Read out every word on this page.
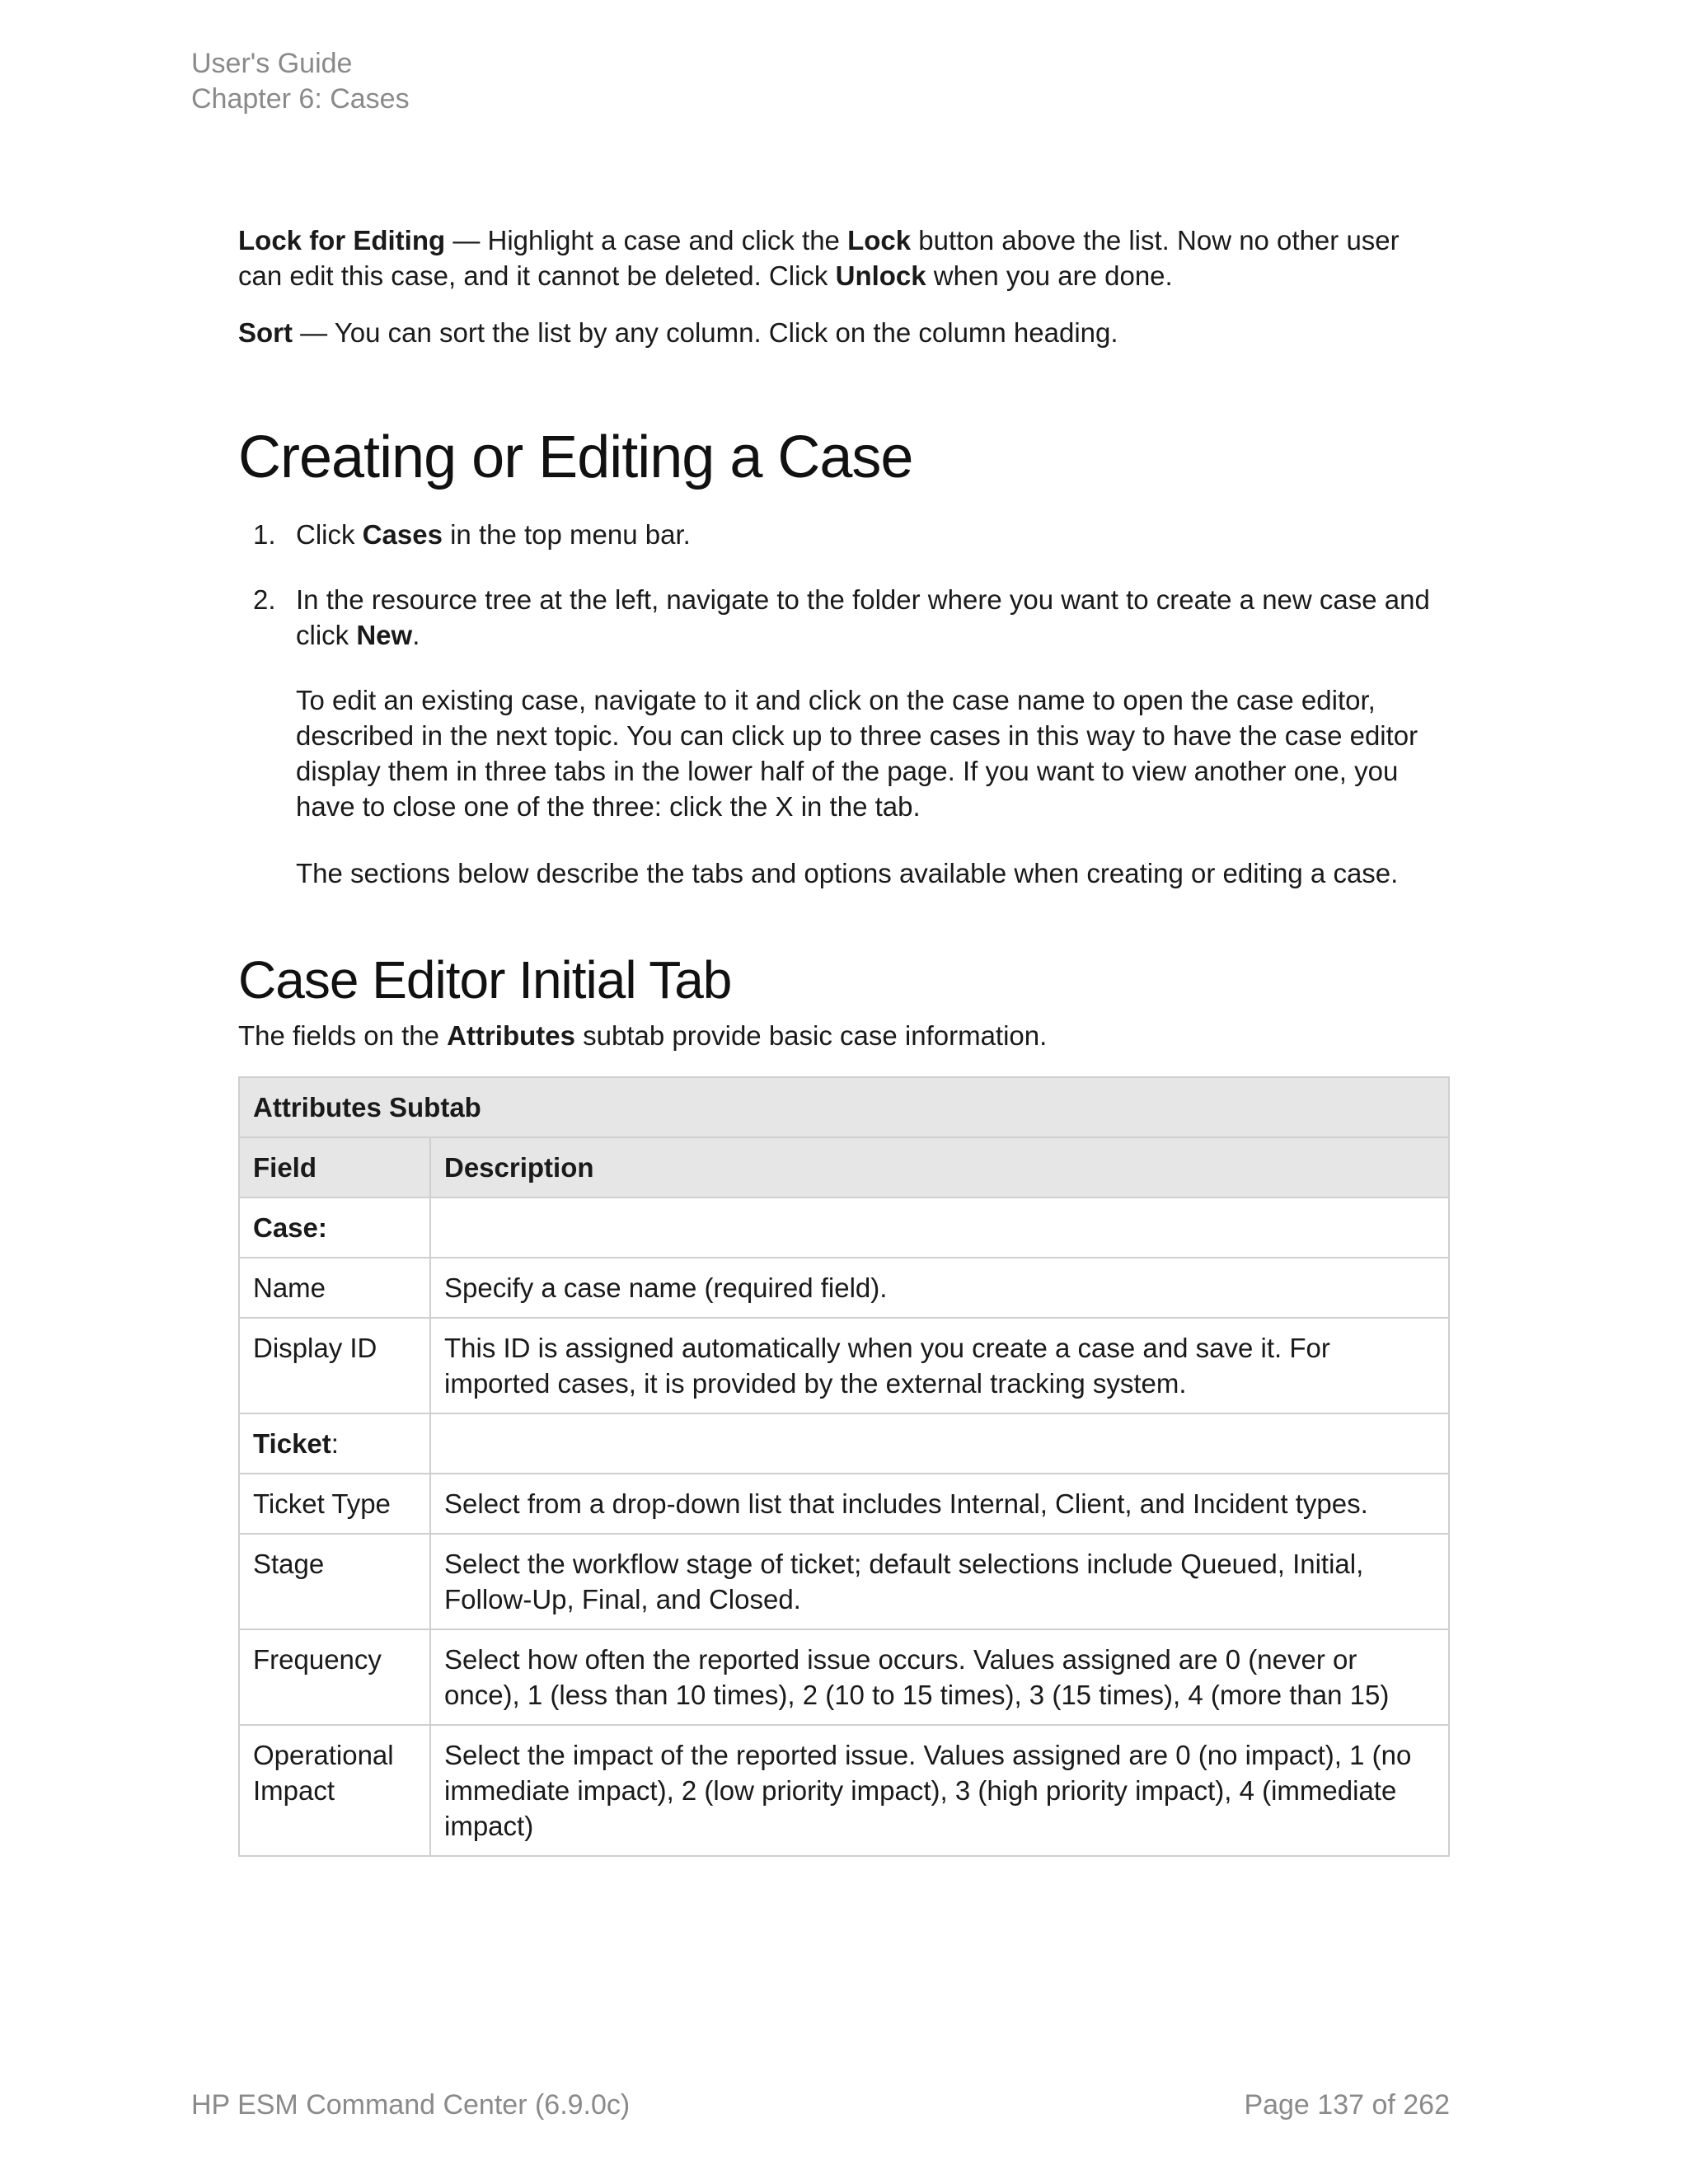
User's Guide
Chapter 6: Cases

Lock for Editing — Highlight a case and click the Lock button above the list. Now no other user can edit this case, and it cannot be deleted. Click Unlock when you are done.

Sort — You can sort the list by any column. Click on the column heading.

Creating or Editing a Case
1. Click Cases in the top menu bar.
2. In the resource tree at the left, navigate to the folder where you want to create a new case and click New.

To edit an existing case, navigate to it and click on the case name to open the case editor, described in the next topic. You can click up to three cases in this way to have the case editor display them in three tabs in the lower half of the page. If you want to view another one, you have to close one of the three: click the X in the tab.

The sections below describe the tabs and options available when creating or editing a case.

Case Editor Initial Tab

The fields on the Attributes subtab provide basic case information.

Attributes Subtab	
Field	Description
Case:	
Name	Specify a case name (required field).
Display ID	This ID is assigned automatically when you create a case and save it. For imported cases, it is provided by the external tracking system.
Ticket:	
Ticket Type	Select from a drop-down list that includes Internal, Client, and Incident types.
Stage	Select the workflow stage of ticket; default selections include Queued, Initial, Follow-Up, Final, and Closed.
Frequency	Select how often the reported issue occurs. Values assigned are 0 (never or once), 1 (less than 10 times), 2 (10 to 15 times), 3 (15 times), 4 (more than 15)
Operational Impact	Select the impact of the reported issue. Values assigned are 0 (no impact), 1 (no immediate impact), 2 (low priority impact), 3 (high priority impact), 4 (immediate impact)
HP ESM Command Center (6.9.0c)	Page 137 of 262
